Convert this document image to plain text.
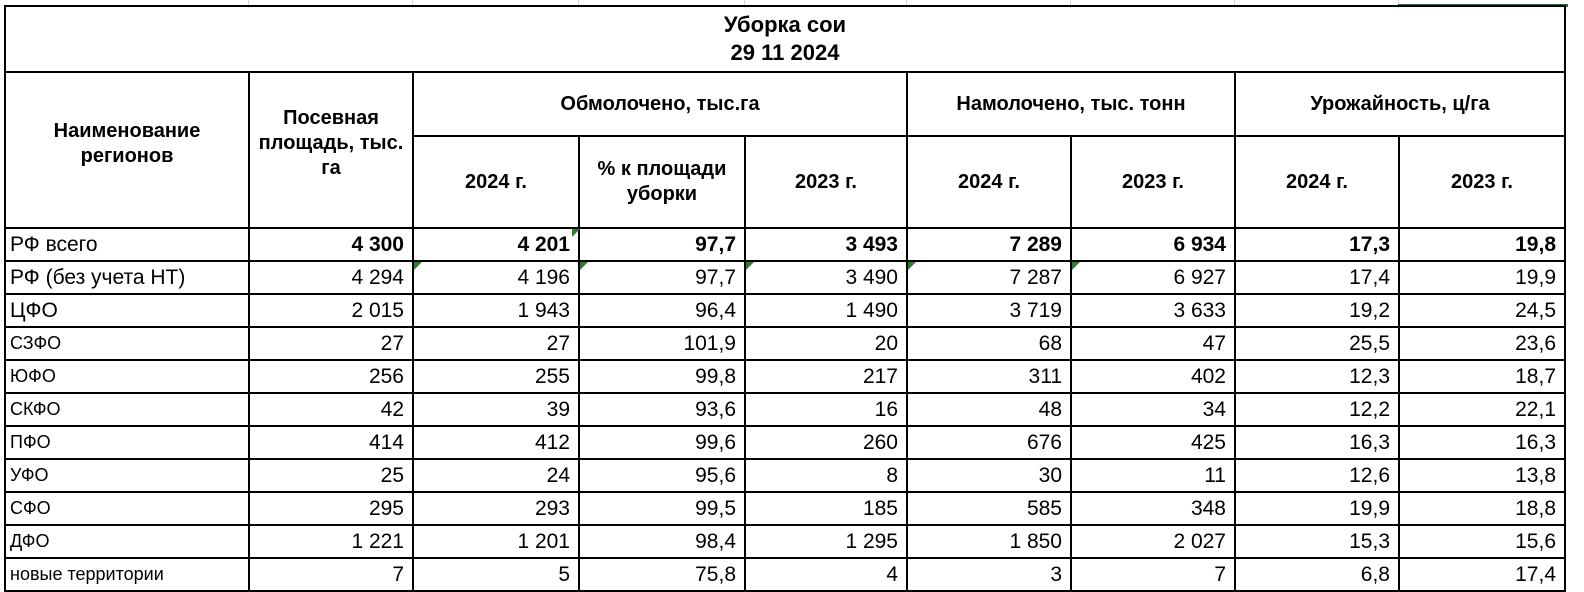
Уборка сои
29 11 2024								

Наименование регионов	Посевная площадь, тыс. га	Обмолочено, тыс.га			Намолочено, тыс. тонн		Урожайность, ц/га	
		2024 г.	% к площади уборки	2023 г.	2024 г.	2023 г.	2024 г.	2023 г.
РФ всего	4 300	4 201	97,7	3 493	7 289	6 934	17,3	19,8
РФ (без учета НТ)	4 294	4 196	97,7	3 490	7 287	6 927	17,4	19,9
ЦФО	2 015	1 943	96,4	1 490	3 719	3 633	19,2	24,5
СЗФО	27	27	101,9	20	68	47	25,5	23,6
ЮФО	256	255	99,8	217	311	402	12,3	18,7
СКФО	42	39	93,6	16	48	34	12,2	22,1
ПФО	414	412	99,6	260	676	425	16,3	16,3
УФО	25	24	95,6	8	30	11	12,6	13,8
СФО	295	293	99,5	185	585	348	19,9	18,8
ДФО	1 221	1 201	98,4	1 295	1 850	2 027	15,3	15,6
новые территории	7	5	75,8	4	3	7	6,8	17,4
